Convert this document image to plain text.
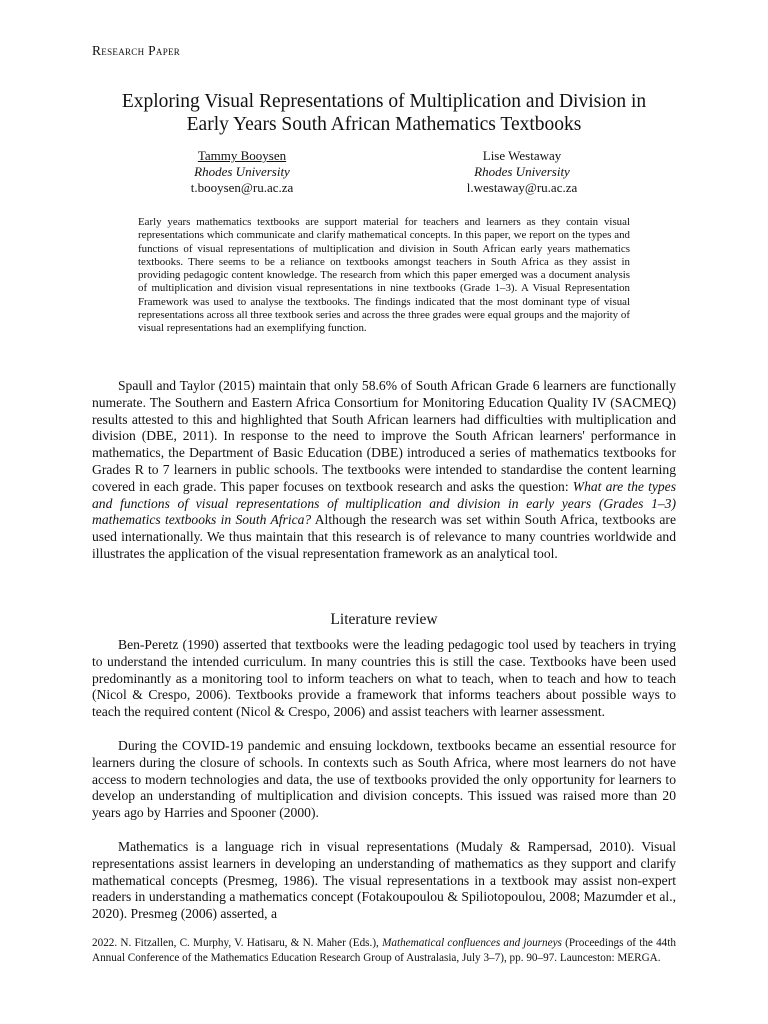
Research Paper
Exploring Visual Representations of Multiplication and Division in
Early Years South African Mathematics Textbooks
Tammy Booysen
Rhodes University
t.booysen@ru.ac.za
Lise Westaway
Rhodes University
l.westaway@ru.ac.za

Early years mathematics textbooks are support material for teachers and learners as they contain visual representations which communicate and clarify mathematical concepts. In this paper, we report on the types and functions of visual representations of multiplication and division in South African early years mathematics textbooks. There seems to be a reliance on textbooks amongst teachers in South Africa as they assist in providing pedagogic content knowledge. The research from which this paper emerged was a document analysis of multiplication and division visual representations in nine textbooks (Grade 1–3). A Visual Representation Framework was used to analyse the textbooks. The findings indicated that the most dominant type of visual representations across all three textbook series and across the three grades were equal groups and the majority of visual representations had an exemplifying function.

Spaull and Taylor (2015) maintain that only 58.6% of South African Grade 6 learners are functionally numerate. The Southern and Eastern Africa Consortium for Monitoring Education Quality IV (SACMEQ) results attested to this and highlighted that South African learners had difficulties with multiplication and division (DBE, 2011). In response to the need to improve the South African learners' performance in mathematics, the Department of Basic Education (DBE) introduced a series of mathematics textbooks for Grades R to 7 learners in public schools. The textbooks were intended to standardise the content learning covered in each grade. This paper focuses on textbook research and asks the question: What are the types and functions of visual representations of multiplication and division in early years (Grades 1–3) mathematics textbooks in South Africa? Although the research was set within South Africa, textbooks are used internationally. We thus maintain that this research is of relevance to many countries worldwide and illustrates the application of the visual representation framework as an analytical tool.

Literature review

Ben-Peretz (1990) asserted that textbooks were the leading pedagogic tool used by teachers in trying to understand the intended curriculum. In many countries this is still the case. Textbooks have been used predominantly as a monitoring tool to inform teachers on what to teach, when to teach and how to teach (Nicol & Crespo, 2006). Textbooks provide a framework that informs teachers about possible ways to teach the required content (Nicol & Crespo, 2006) and assist teachers with learner assessment.

During the COVID-19 pandemic and ensuing lockdown, textbooks became an essential resource for learners during the closure of schools. In contexts such as South Africa, where most learners do not have access to modern technologies and data, the use of textbooks provided the only opportunity for learners to develop an understanding of multiplication and division concepts. This issued was raised more than 20 years ago by Harries and Spooner (2000).

Mathematics is a language rich in visual representations (Mudaly & Rampersad, 2010). Visual representations assist learners in developing an understanding of mathematics as they support and clarify mathematical concepts (Presmeg, 1986). The visual representations in a textbook may assist non-expert readers in understanding a mathematics concept (Fotakoupoulou & Spiliotopoulou, 2008; Mazumder et al., 2020). Presmeg (2006) asserted, a

2022. N. Fitzallen, C. Murphy, V. Hatisaru, & N. Maher (Eds.), Mathematical confluences and journeys (Proceedings of the 44th Annual Conference of the Mathematics Education Research Group of Australasia, July 3–7), pp. 90–97. Launceston: MERGA.
